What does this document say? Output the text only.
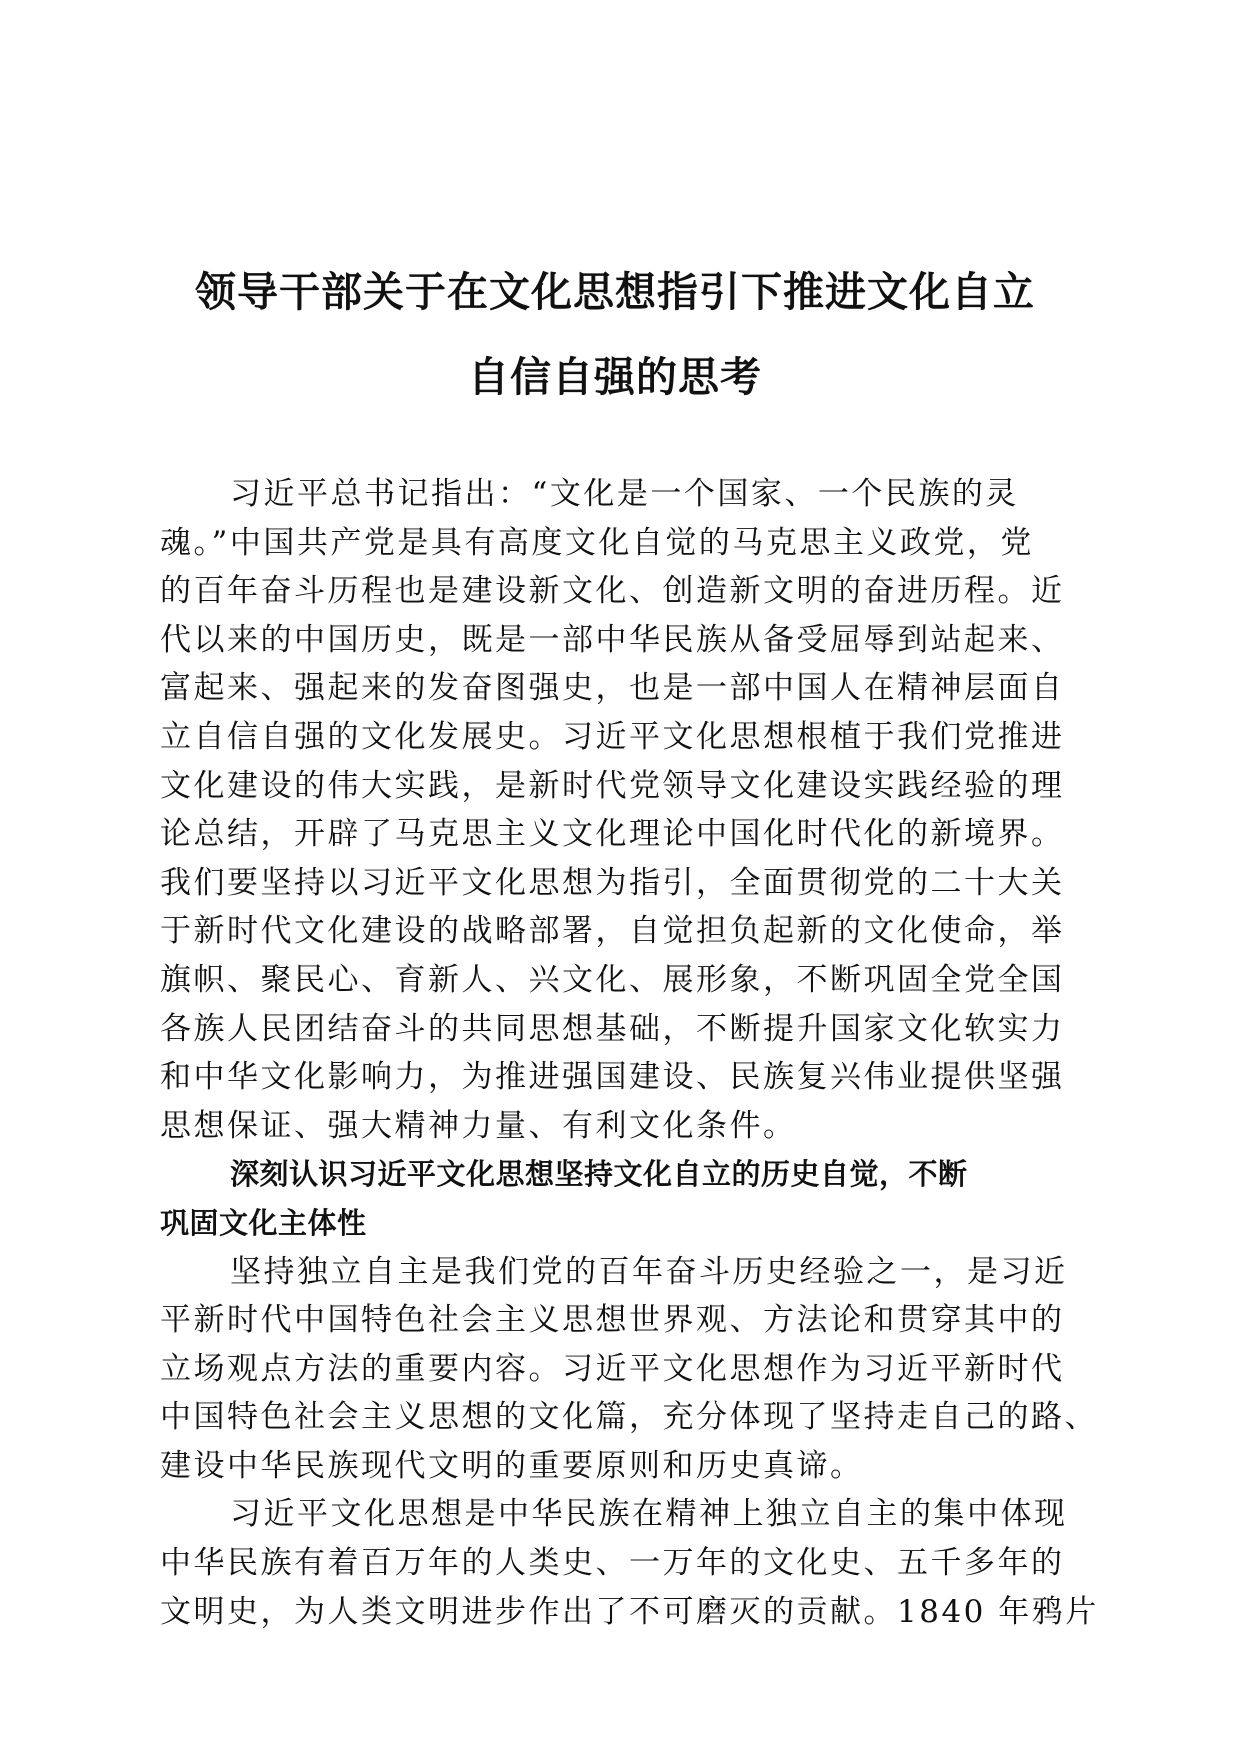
领导干部关于在文化思想指引下推进文化自立

自信自强的思考

习近平总书记指出：“文化是一个国家、一个民族的灵

魂。”中国共产党是具有高度文化自觉的马克思主义政党，党

的百年奋斗历程也是建设新文化、创造新文明的奋进历程。近

代以来的中国历史，既是一部中华民族从备受屈辱到站起来、

富起来、强起来的发奋图强史，也是一部中国人在精神层面自

立自信自强的文化发展史。习近平文化思想根植于我们党推进

文化建设的伟大实践，是新时代党领导文化建设实践经验的理

论总结，开辟了马克思主义文化理论中国化时代化的新境界。

我们要坚持以习近平文化思想为指引，全面贯彻党的二十大关

于新时代文化建设的战略部署，自觉担负起新的文化使命，举

旗帜、聚民心、育新人、兴文化、展形象，不断巩固全党全国

各族人民团结奋斗的共同思想基础，不断提升国家文化软实力

和中华文化影响力，为推进强国建设、民族复兴伟业提供坚强

思想保证、强大精神力量、有利文化条件。

深刻认识习近平文化思想坚持文化自立的历史自觉，不断

巩固文化主体性

坚持独立自主是我们党的百年奋斗历史经验之一，是习近

平新时代中国特色社会主义思想世界观、方法论和贯穿其中的

立场观点方法的重要内容。习近平文化思想作为习近平新时代

中国特色社会主义思想的文化篇，充分体现了坚持走自己的路、

建设中华民族现代文明的重要原则和历史真谛。

习近平文化思想是中华民族在精神上独立自主的集中体现

中华民族有着百万年的人类史、一万年的文化史、五千多年的

文明史，为人类文明进步作出了不可磨灭的贡献。1840 年鸦片
